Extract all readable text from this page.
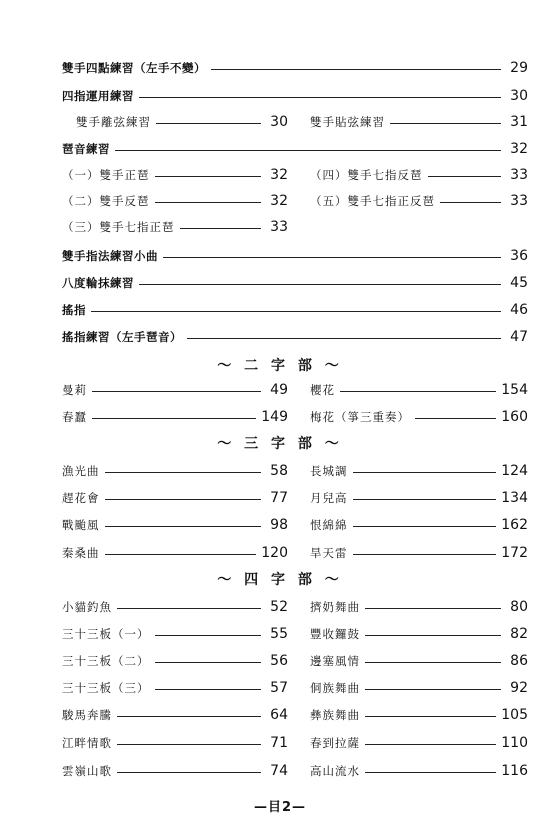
雙手四點練習（左手不變）	29
四指運用練習	30
雙手離弦練習	30 雙手貼弦練習	31
琶音練習	32
（一）雙手正琶	32 （四）雙手七指反琶	33
（二）雙手反琶	32 （五）雙手七指正反琶	33
（三）雙手七指正琶	33
雙手指法練習小曲	36
八度輪抹練習	45
搖指	46
搖指練習（左手琶音）	47
～ 二 字 部 ～
曼莉	49 櫻花	154
春蠶	149 梅花（箏三重奏）	160
～ 三 字 部 ～
漁光曲	58 長城調	124
趕花會	77 月兒高	134
戰颱風	98 恨綿綿	162
秦桑曲	120 旱天雷	172
～ 四 字 部 ～
小貓釣魚	52 擠奶舞曲	80
三十三板（一）	55 豐收鑼鼓	82
三十三板（二）	56 邊塞風情	86
三十三板（三）	57 侗族舞曲	92
駿馬奔騰	64 彝族舞曲	105
江畔情歌	71 春到拉薩	110
雲嶺山歌	74 高山流水	116
—目2—
